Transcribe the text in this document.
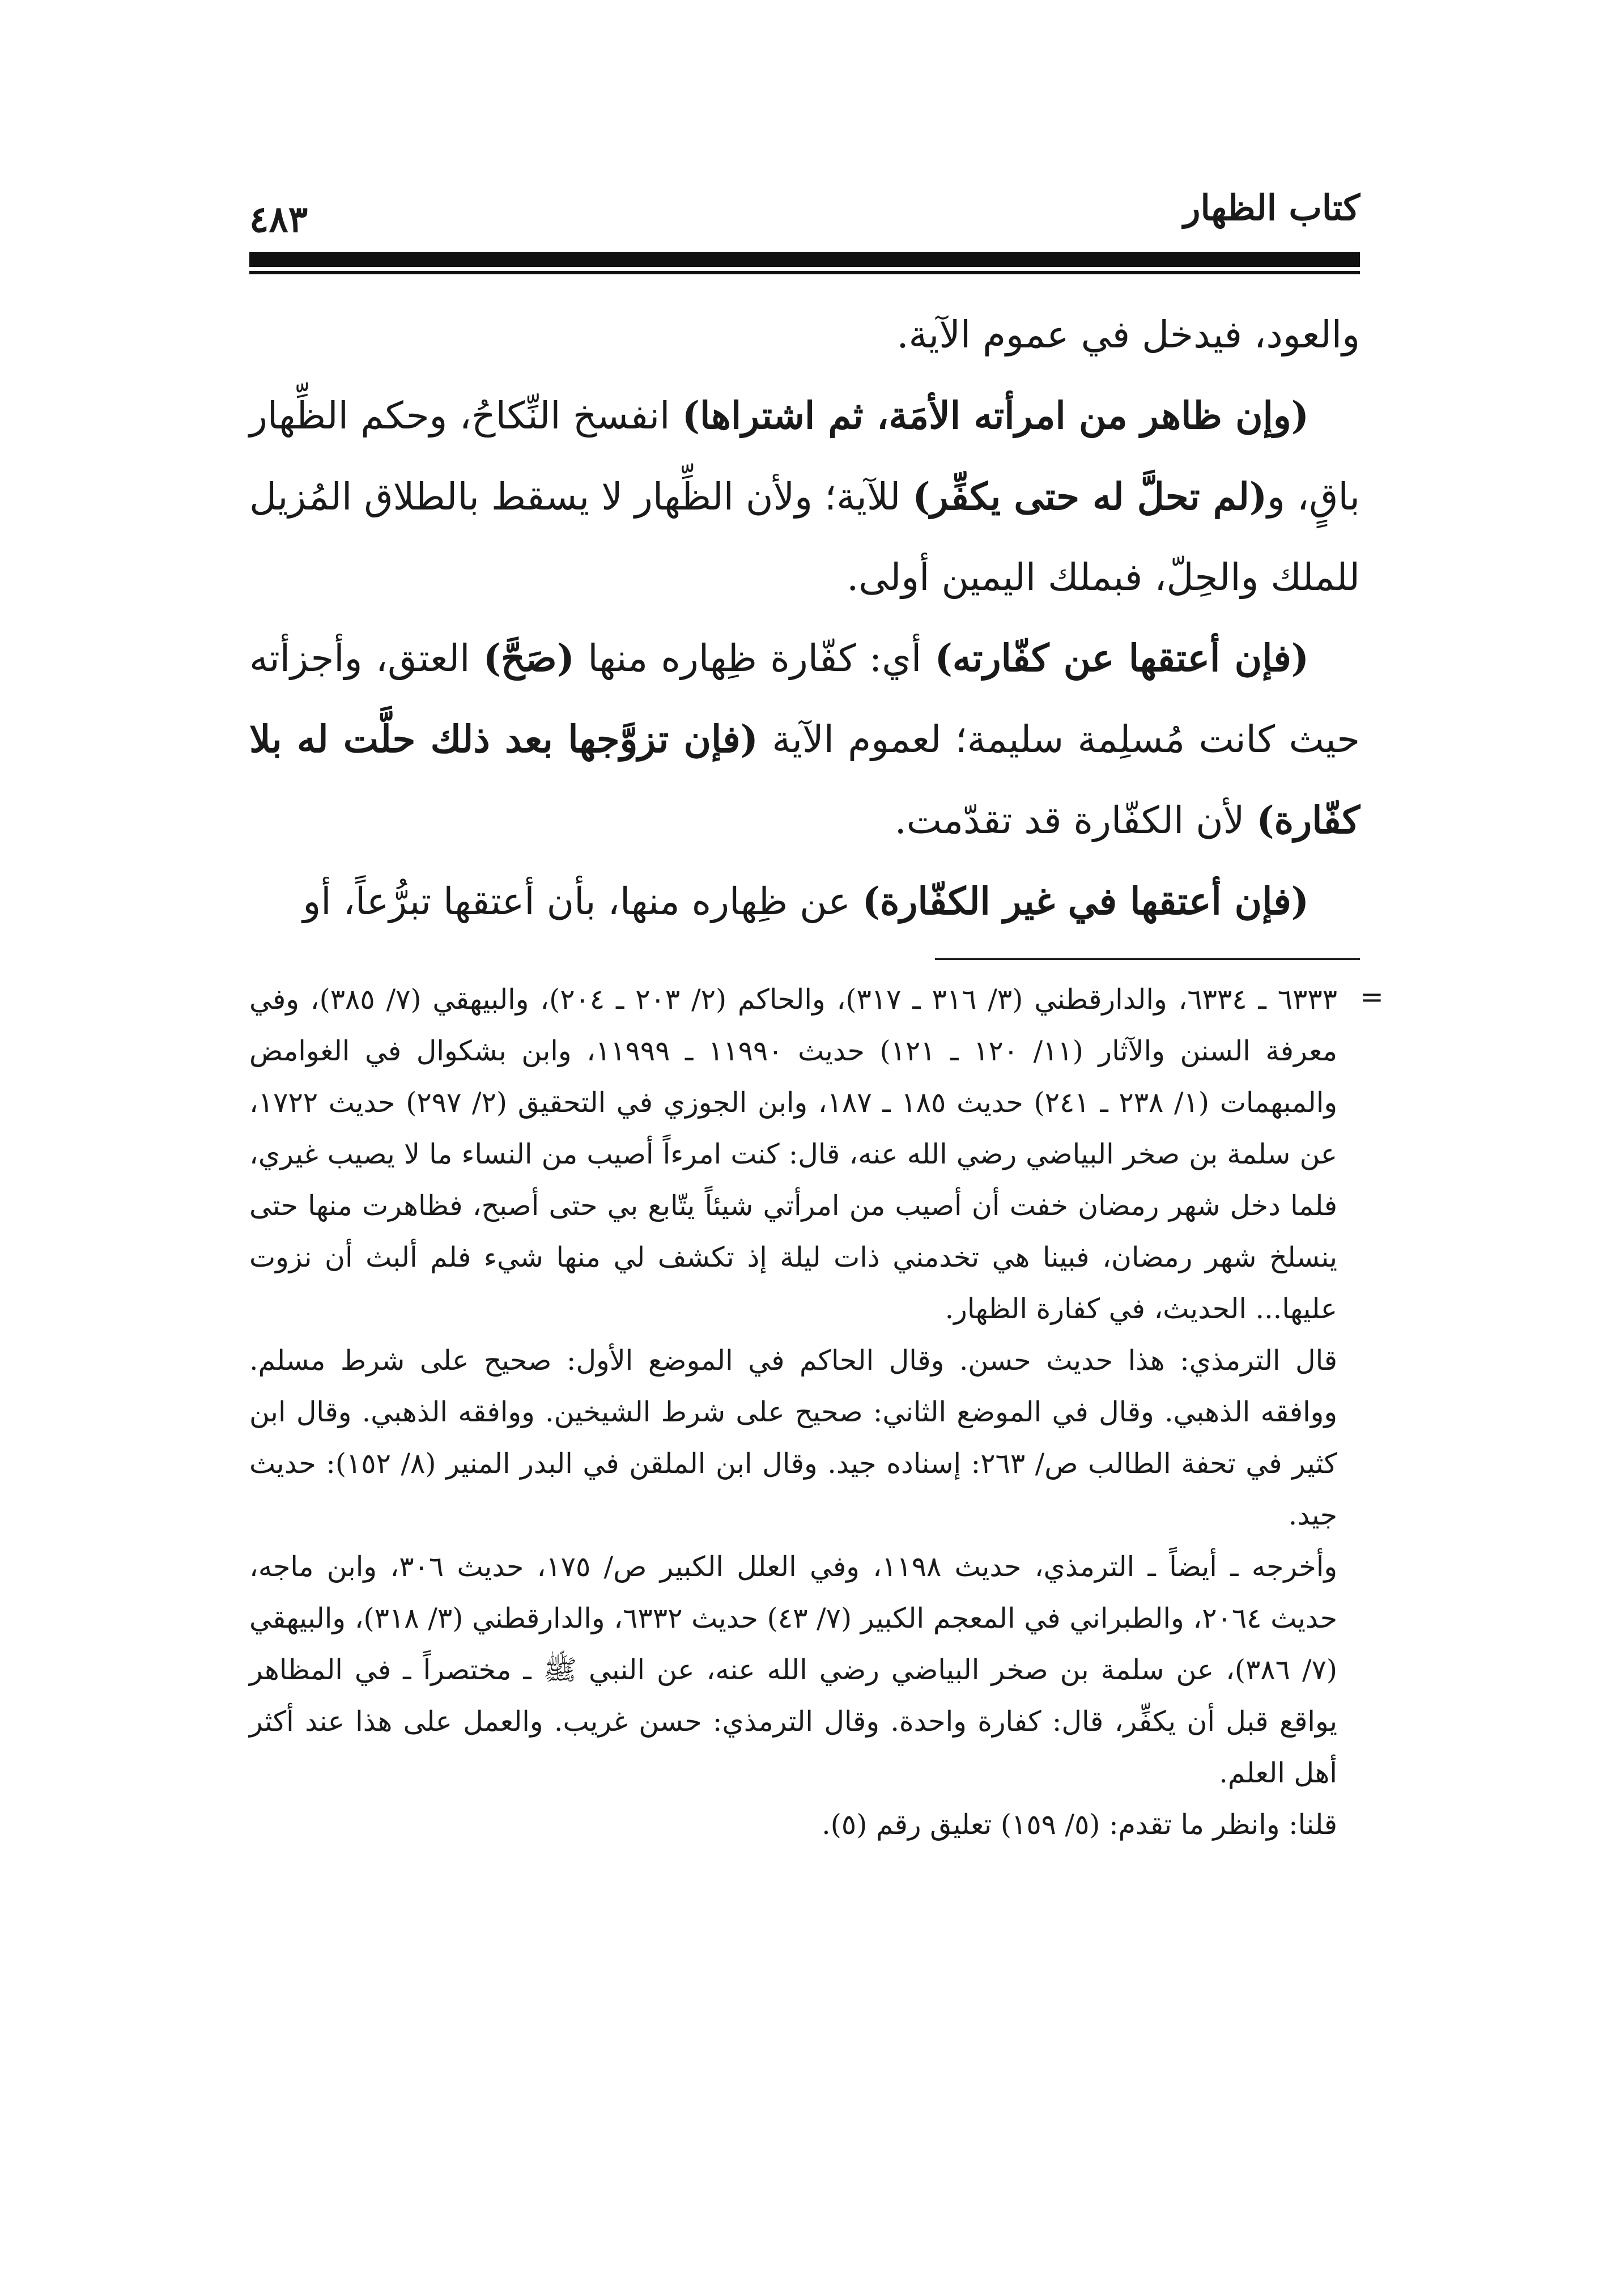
كتاب الظهار
٤٨٣

والعود، فيدخل في عموم الآية.

(وإن ظاهر من امرأته الأمَة، ثم اشتراها) انفسخ النِّكاحُ، وحكم الظِّهار باقٍ، و(لم تحلَّ له حتى يكفِّر) للآية؛ ولأن الظِّهار لا يسقط بالطلاق المُزيل للملك والحِلّ، فبملك اليمين أولى.

(فإن أعتقها عن كفّارته) أي: كفّارة ظِهاره منها (صَحَّ) العتق، وأجزأته حيث كانت مُسلِمة سليمة؛ لعموم الآية (فإن تزوَّجها بعد ذلك حلَّت له بلا كفّارة) لأن الكفّارة قد تقدّمت.

(فإن أعتقها في غير الكفّارة) عن ظِهاره منها، بأن أعتقها تبرُّعاً، أو

=

٦٣٣٣ ـ ٦٣٣٤، والدارقطني (٣/ ٣١٦ ـ ٣١٧)، والحاكم (٢/ ٢٠٣ ـ ٢٠٤)، والبيهقي (٧/ ٣٨٥)، وفي معرفة السنن والآثار (١١/ ١٢٠ ـ ١٢١) حديث ١١٩٩٠ ـ ١١٩٩٩، وابن بشكوال في الغوامض والمبهمات (١/ ٢٣٨ ـ ٢٤١) حديث ١٨٥ ـ ١٨٧، وابن الجوزي في التحقيق (٢/ ٢٩٧) حديث ١٧٢٢، عن سلمة بن صخر البياضي رضي الله عنه، قال: كنت امرءاً أصيب من النساء ما لا يصيب غيري، فلما دخل شهر رمضان خفت أن أصيب من امرأتي شيئاً يتّابع بي حتى أصبح، فظاهرت منها حتى ينسلخ شهر رمضان، فبينا هي تخدمني ذات ليلة إذ تكشف لي منها شيء فلم ألبث أن نزوت عليها... الحديث، في كفارة الظهار.

قال الترمذي: هذا حديث حسن. وقال الحاكم في الموضع الأول: صحيح على شرط مسلم. ووافقه الذهبي. وقال في الموضع الثاني: صحيح على شرط الشيخين. ووافقه الذهبي. وقال ابن كثير في تحفة الطالب ص/ ٢٦٣: إسناده جيد. وقال ابن الملقن في البدر المنير (٨/ ١٥٢): حديث جيد.

وأخرجه ـ أيضاً ـ الترمذي، حديث ١١٩٨، وفي العلل الكبير ص/ ١٧٥، حديث ٣٠٦، وابن ماجه، حديث ٢٠٦٤، والطبراني في المعجم الكبير (٧/ ٤٣) حديث ٦٣٣٢، والدارقطني (٣/ ٣١٨)، والبيهقي (٧/ ٣٨٦)، عن سلمة بن صخر البياضي رضي الله عنه، عن النبي ﷺ ـ مختصراً ـ في المظاهر يواقع قبل أن يكفِّر، قال: كفارة واحدة. وقال الترمذي: حسن غريب. والعمل على هذا عند أكثر أهل العلم.

قلنا: وانظر ما تقدم: (٥/ ١٥٩) تعليق رقم (٥).
